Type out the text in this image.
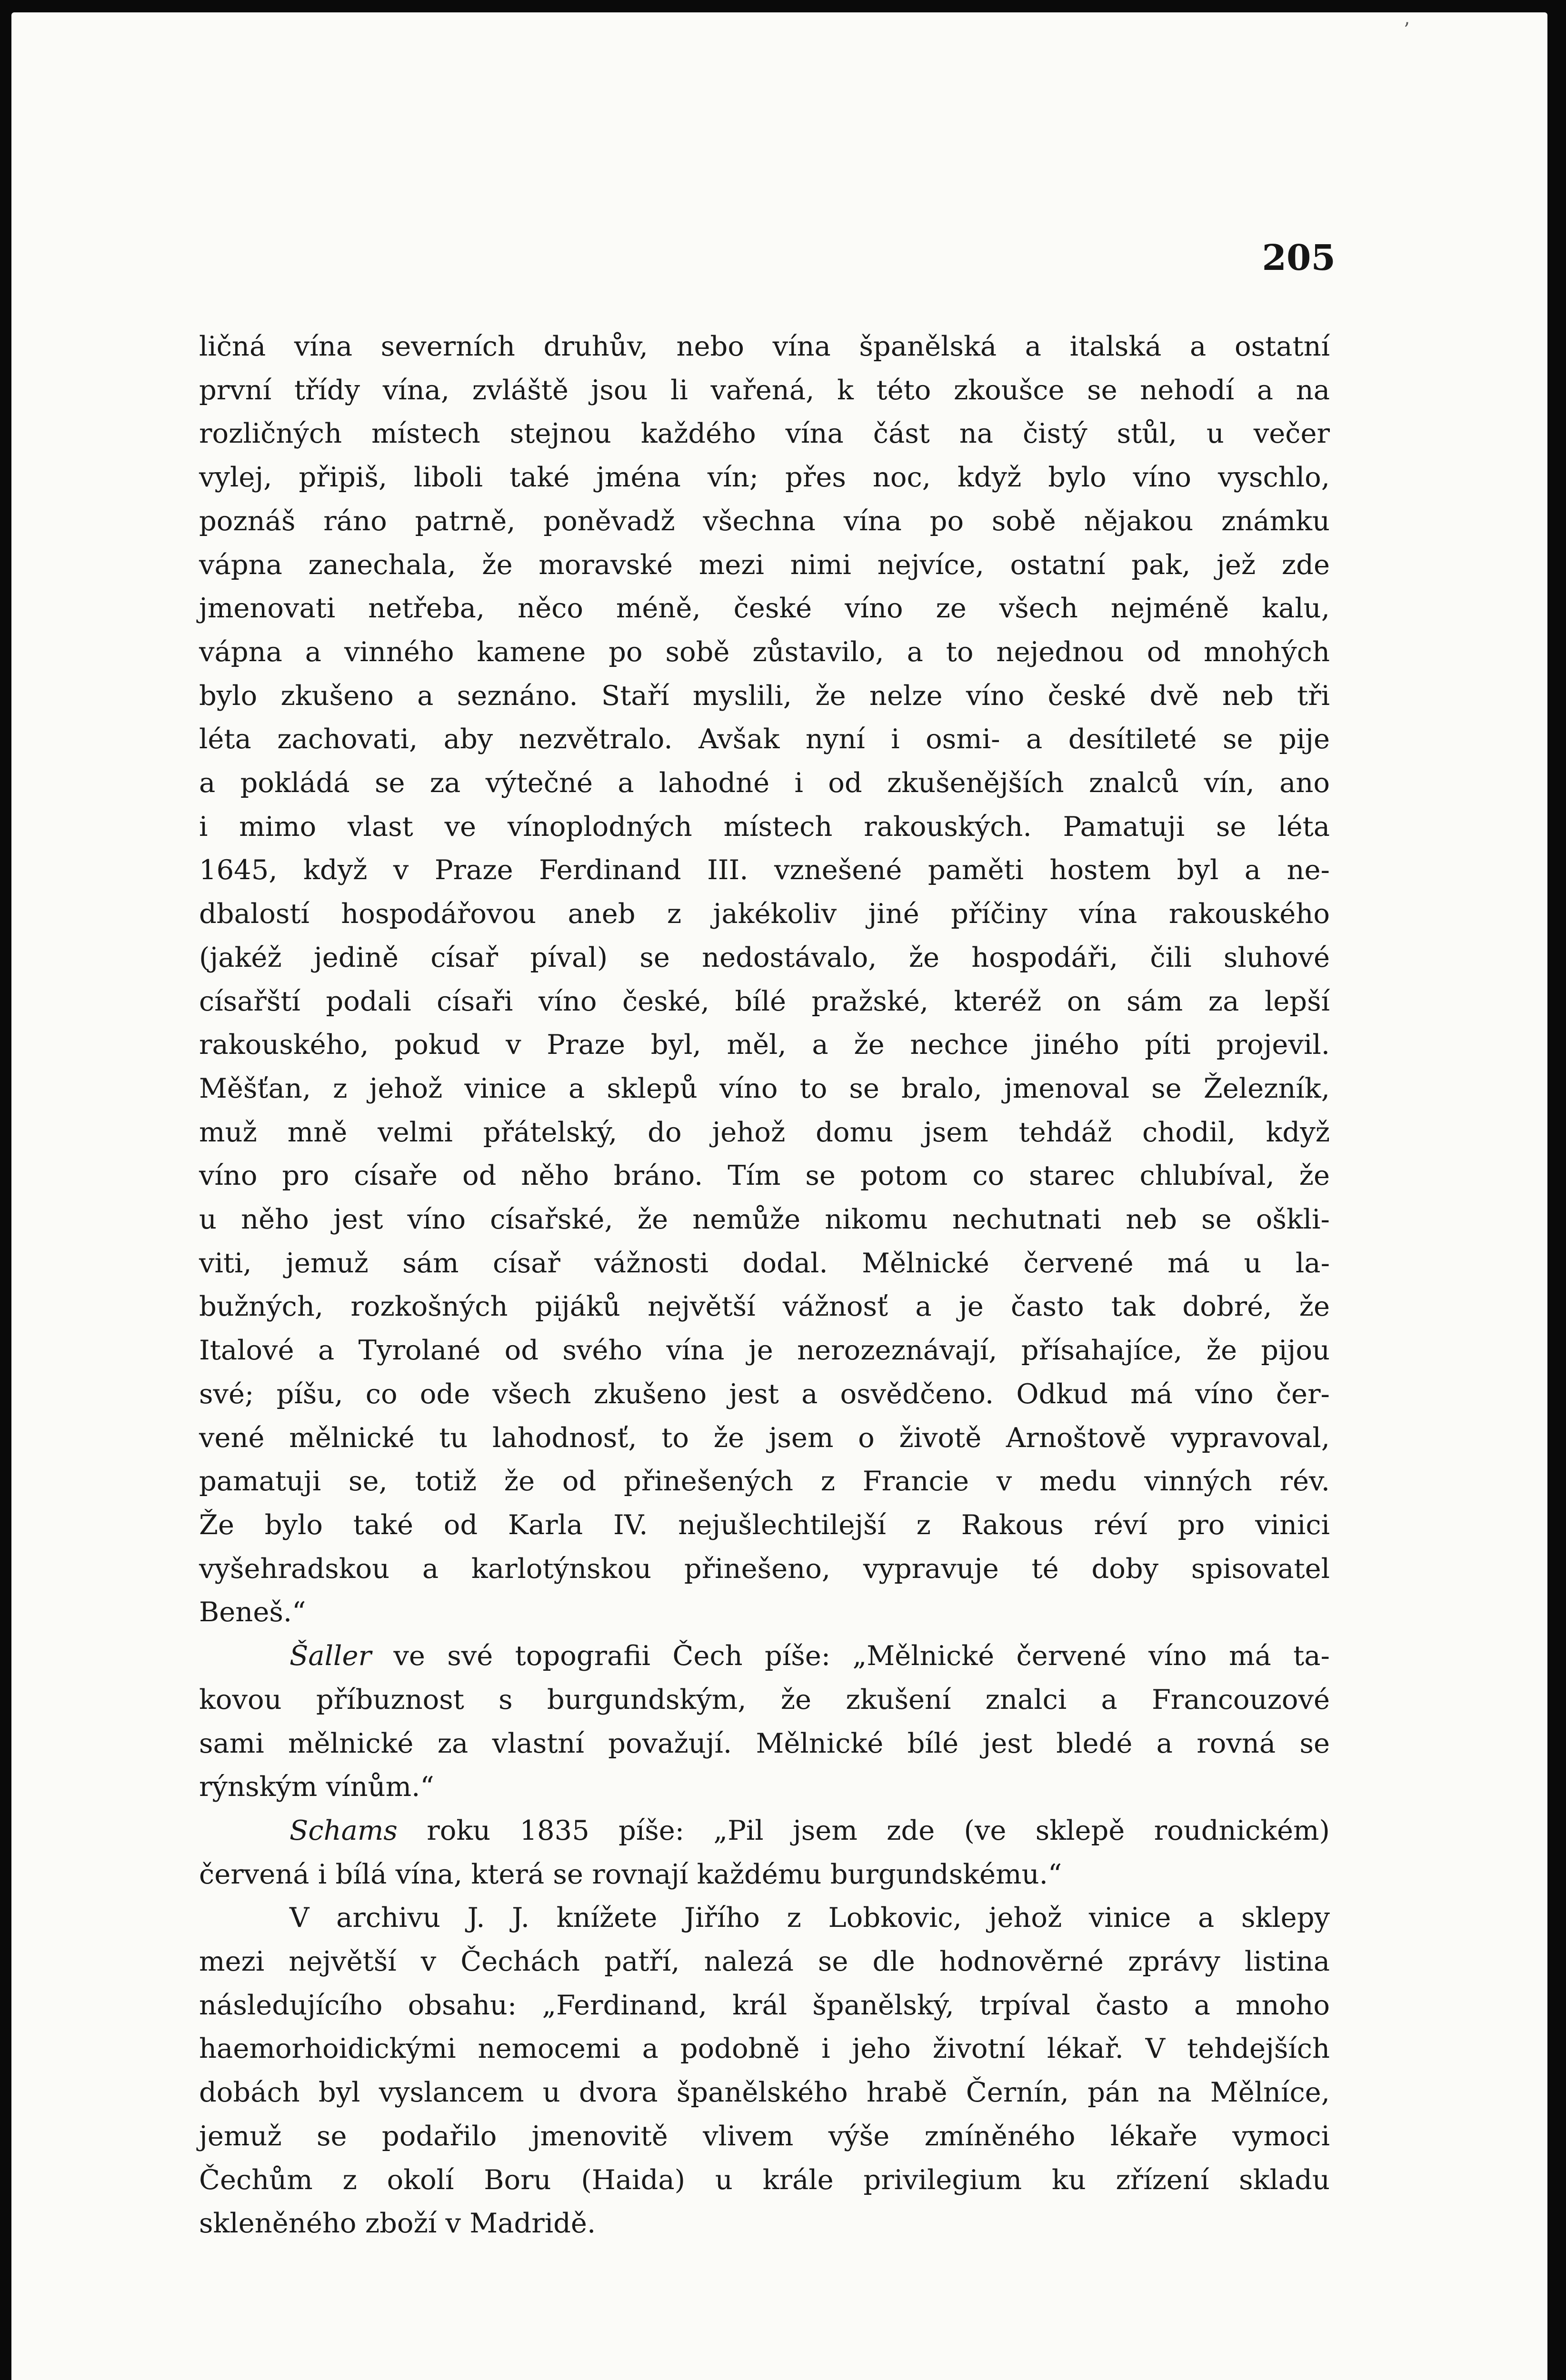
205

ličná vína severních druhův, nebo vína španělská a italská a ostatní
první třídy vína, zvláště jsou li vařená, k této zkoušce se nehodí a na
rozličných místech stejnou každého vína část na čistý stůl, u večer
vylej, připiš, liboli také jména vín; přes noc, když bylo víno vyschlo,
poznáš ráno patrně, poněvadž všechna vína po sobě nějakou známku
vápna zanechala, že moravské mezi nimi nejvíce, ostatní pak, jež zde
jmenovati netřeba, něco méně, české víno ze všech nejméně kalu,
vápna a vinného kamene po sobě zůstavilo, a to nejednou od mnohých
bylo zkušeno a seznáno. Staří myslili, že nelze víno české dvě neb tři
léta zachovati, aby nezvětralo. Avšak nyní i osmi- a desítileté se pije
a pokládá se za výtečné a lahodné i od zkušenějších znalců vín, ano
i mimo vlast ve vínoplodných místech rakouských. Pamatuji se léta
1645, když v Praze Ferdinand III. vznešené paměti hostem byl a ne-
dbalostí hospodářovou aneb z jakékoliv jiné příčiny vína rakouského
(jakéž jedině císař píval) se nedostávalo, že hospodáři, čili sluhové
císařští podali císaři víno české, bílé pražské, kteréž on sám za lepší
rakouského, pokud v Praze byl, měl, a že nechce jiného píti projevil.
Měšťan, z jehož vinice a sklepů víno to se bralo, jmenoval se Železník,
muž mně velmi přátelský, do jehož domu jsem tehdáž chodil, když
víno pro císaře od něho bráno. Tím se potom co starec chlubíval, že
u něho jest víno císařské, že nemůže nikomu nechutnati neb se oškli-
viti, jemuž sám císař vážnosti dodal. Mělnické červené má u la-
bužných, rozkošných pijáků největší vážnosť a je často tak dobré, že
Italové a Tyrolané od svého vína je nerozeznávají, přísahajíce, že pijou
své; píšu, co ode všech zkušeno jest a osvědčeno. Odkud má víno čer-
vené mělnické tu lahodnosť, to že jsem o životě Arnoštově vypravoval,
pamatuji se, totiž že od přinešených z Francie v medu vinných rév.
Že bylo také od Karla IV. nejušlechtilejší z Rakous réví pro vinici
vyšehradskou a karlotýnskou přinešeno, vypravuje té doby spisovatel
Beneš.“

Šaller ve své topografii Čech píše: „Mělnické červené víno má ta-
kovou příbuznost s burgundským, že zkušení znalci a Francouzové
sami mělnické za vlastní považují. Mělnické bílé jest bledé a rovná se
rýnským vínům.“

Schams roku 1835 píše: „Pil jsem zde (ve sklepě roudnickém)
červená i bílá vína, která se rovnají každému burgundskému.“

V archivu J. J. knížete Jiřího z Lobkovic, jehož vinice a sklepy
mezi největší v Čechách patří, nalezá se dle hodnověrné zprávy listina
následujícího obsahu: „Ferdinand, král španělský, trpíval často a mnoho
haemorhoidickými nemocemi a podobně i jeho životní lékař. V tehdejších
dobách byl vyslancem u dvora španělského hrabě Černín, pán na Mělníce,
jemuž se podařilo jmenovitě vlivem výše zmíněného lékaře vymoci
Čechům z okolí Boru (Haida) u krále privilegium ku zřízení skladu
skleněného zboží v Madridě.

’
